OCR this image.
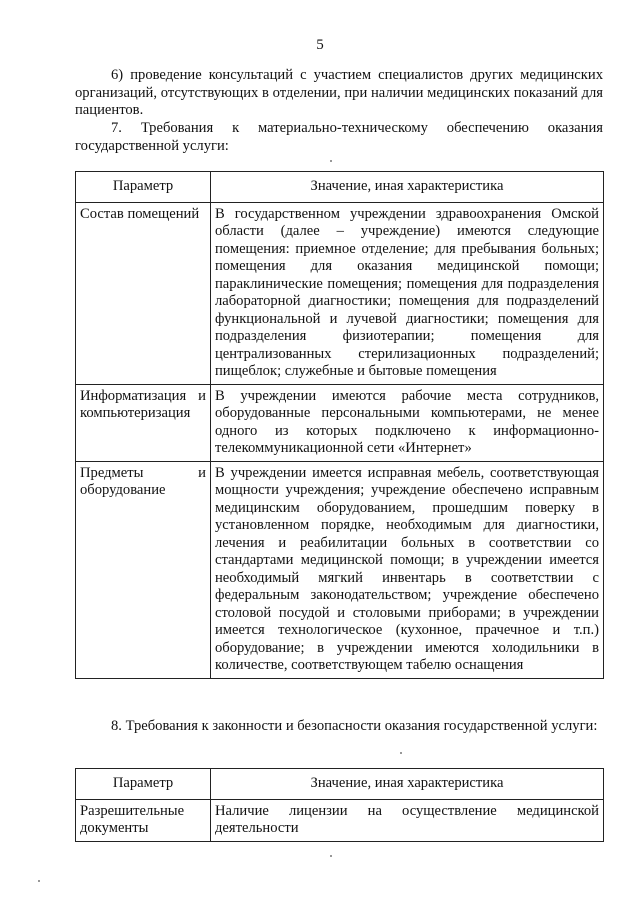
5

6) проведение консультаций с участием специалистов других медицинских организаций, отсутствующих в отделении, при наличии медицинских показаний для пациентов.

7. Требования к материально-техническому обеспечению оказания государственной услуги:

Параметр	Значение, иная характеристика
Состав помещений	В государственном учреждении здравоохранения Омской области (далее – учреждение) имеются следующие помещения: приемное отделение; для пребывания больных; помещения для оказания медицинской помощи; параклинические помещения; помещения для подразделения лабораторной диагностики; помещения для подразделений функциональной и лучевой диагностики; помещения для подразделения физиотерапии; помещения для централизованных стерилизационных подразделений; пищеблок; служебные и бытовые помещения
Информатизация и компьютеризация	В учреждении имеются рабочие места сотрудников, оборудованные персональными компьютерами, не менее одного из которых подключено к информационно-телекоммуникационной сети «Интернет»
Предметы и оборудование	В учреждении имеется исправная мебель, соответствующая мощности учреждения; учреждение обеспечено исправным медицинским оборудованием, прошедшим поверку в установленном порядке, необходимым для диагностики, лечения и реабилитации больных в соответствии со стандартами медицинской помощи; в учреждении имеется необходимый мягкий инвентарь в соответствии с федеральным законодательством; учреждение обеспечено столовой посудой и столовыми приборами; в учреждении имеется технологическое (кухонное, прачечное и т.п.) оборудование; в учреждении имеются холодильники в количестве, соответствующем табелю оснащения

8. Требования к законности и безопасности оказания государственной услуги:

Параметр	Значение, иная характеристика
Разрешительные документы	Наличие лицензии на осуществление медицинской деятельности
